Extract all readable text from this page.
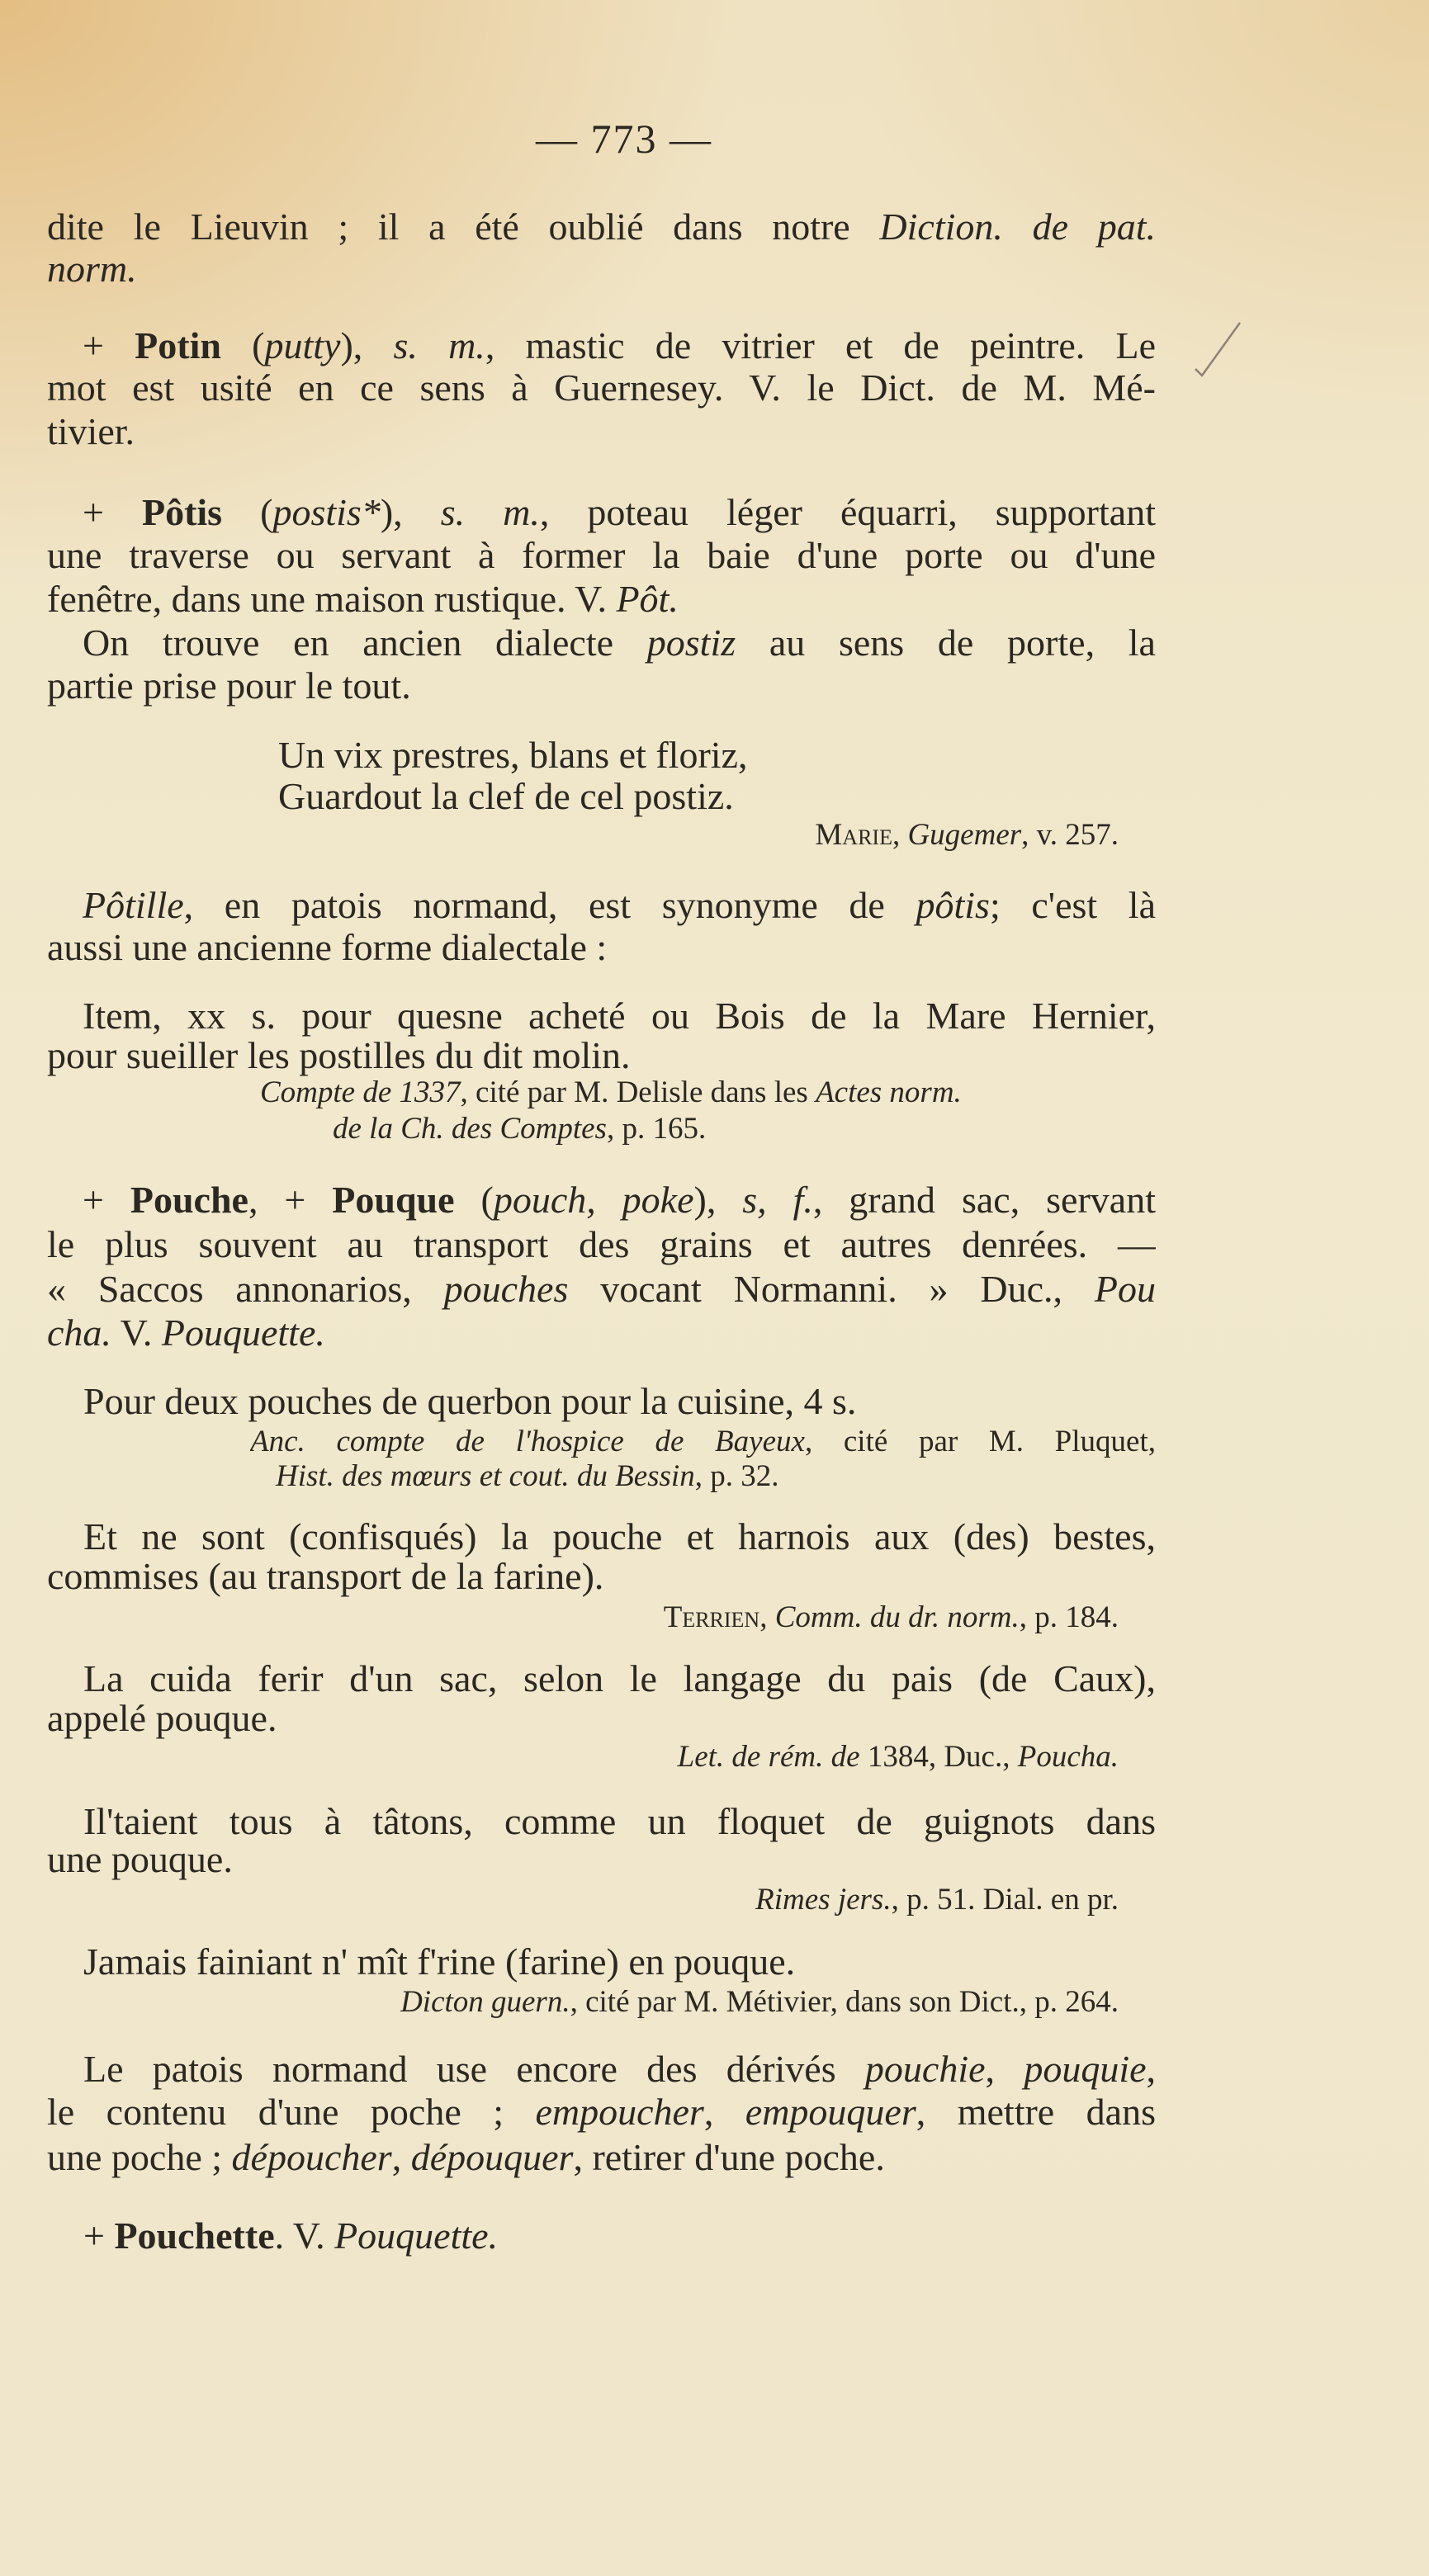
— 773 —
dite le Lieuvin ; il a été oublié dans notre Diction. de pat.
norm.
+ Potin (putty), s. m., mastic de vitrier et de peintre. Le
mot est usité en ce sens à Guernesey. V. le Dict. de M. Mé-
tivier.
+ Pôtis (postis*), s. m., poteau léger équarri, supportant
une traverse ou servant à former la baie d'une porte ou d'une
fenêtre, dans une maison rustique. V. Pôt.
On trouve en ancien dialecte postiz au sens de porte, la
partie prise pour le tout.
Un vix prestres, blans et floriz,
Guardout la clef de cel postiz.
Marie, Gugemer, v. 257.
Pôtille, en patois normand, est synonyme de pôtis; c'est là
aussi une ancienne forme dialectale :
Item, xx s. pour quesne acheté ou Bois de la Mare Hernier,
pour sueiller les postilles du dit molin.
Compte de 1337, cité par M. Delisle dans les Actes norm.
de la Ch. des Comptes, p. 165.
+ Pouche, + Pouque (pouch, poke), s, f., grand sac, servant
le plus souvent au transport des grains et autres denrées. —
« Saccos annonarios, pouches vocant Normanni. » Duc., Pou
cha. V. Pouquette.
Pour deux pouches de querbon pour la cuisine, 4 s.
Anc. compte de l'hospice de Bayeux, cité par M. Pluquet,
Hist. des mœurs et cout. du Bessin, p. 32.
Et ne sont (confisqués) la pouche et harnois aux (des) bestes,
commises (au transport de la farine).
Terrien, Comm. du dr. norm., p. 184.
La cuida ferir d'un sac, selon le langage du pais (de Caux),
appelé pouque.
Let. de rém. de 1384, Duc., Poucha.
Il'taient tous à tâtons, comme un floquet de guignots dans
une pouque.
Rimes jers., p. 51. Dial. en pr.
Jamais fainiant n' mît f'rine (farine) en pouque.
Dicton guern., cité par M. Métivier, dans son Dict., p. 264.
Le patois normand use encore des dérivés pouchie, pouquie,
le contenu d'une poche ; empoucher, empouquer, mettre dans
une poche ; dépoucher, dépouquer, retirer d'une poche.
+ Pouchette. V. Pouquette.
